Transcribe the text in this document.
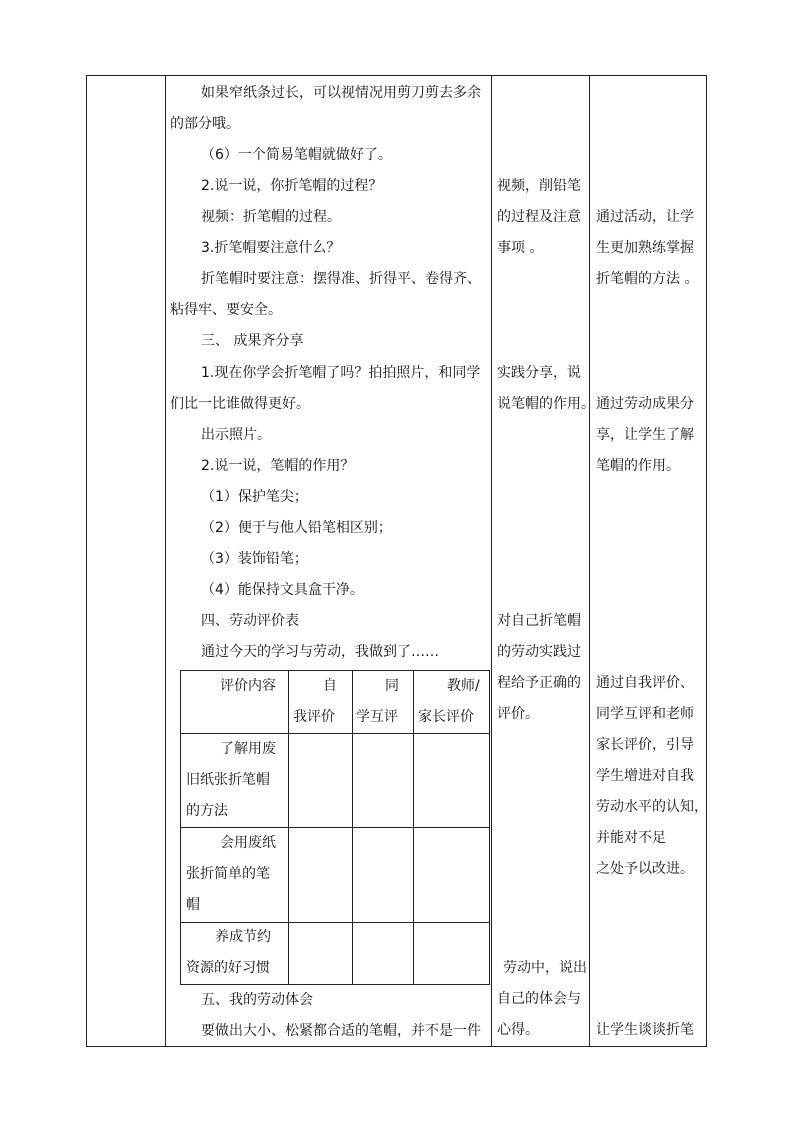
如果窄纸条过长，可以视情况用剪刀剪去多余
的部分哦。
（6）一个简易笔帽就做好了。
2.说一说，你折笔帽的过程？
视频：折笔帽的过程。
3.折笔帽要注意什么？
折笔帽时要注意：摆得准、折得平、卷得齐、
粘得牢、要安全。
三、 成果齐分享
1.现在你学会折笔帽了吗？拍拍照片，和同学
们比一比谁做得更好。
出示照片。
2.说一说，笔帽的作用？
（1）保护笔尖；
（2）便于与他人铅笔相区别；
（3）装饰铅笔；
（4）能保持文具盒干净。
四、劳动评价表
通过今天的学习与劳动，我做到了……
五、我的劳动体会
要做出大小、松紧都合适的笔帽，并不是一件
评价内容	自
我评价
同
学互评
教师/
家长评价
了解用废
旧纸张折笔帽
的方法
会用废纸
张折简单的笔
帽
养成节约
资源的好习惯
视频，削铅笔
的过程及注意
事项 。
实践分享，说
说笔帽的作用。
对自己折笔帽
的劳动实践过
程给予正确的
评价。
劳动中，说出
自己的体会与
心得。
通过活动，让学
生更加熟练掌握
折笔帽的方法 。
通过劳动成果分
享，让学生了解
笔帽的作用。
通过自我评价、
同学互评和老师
家长评价，引导
学生增进对自我
劳动水平的认知，
并能对不足
之处予以改进。
让学生谈谈折笔
